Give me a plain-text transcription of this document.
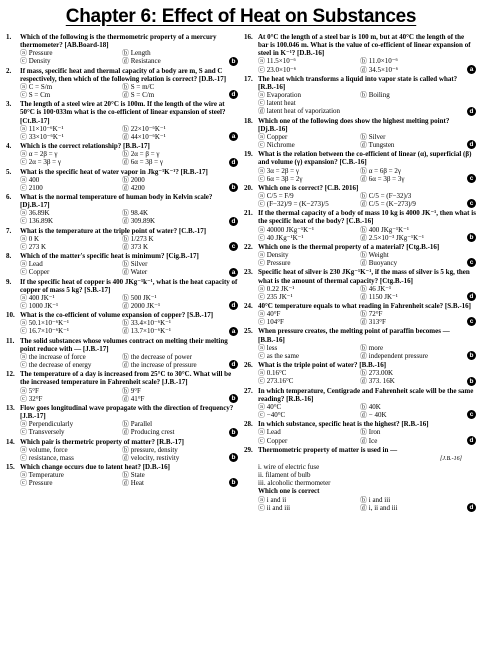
Chapter 6: Effect of Heat on Substances
1.	Which of the following is the thermometric property of a mercury thermometer? [AB.Board-18]
ⓐ Pressure	ⓑ Length
ⓒ Density	ⓓ Resistance	b
2.	If mass, specific heat and thermal capacity of a body are m, S and C respectively, then which of the following relation is correct? [D.B.-17]
ⓐ C = S/m	ⓑ S = m/C
ⓒ S = Cm	ⓓ S = C/m	d
3.	The length of a steel wire at 20°C is 100m. If the length of the wire at 50°C is 100·033m what is the co-efficient of linear expansion of steel? [Ct.B.-17]
ⓐ 11×10⁻⁶K⁻¹	ⓑ 22×10⁻⁶K⁻¹
ⓒ 33×10⁻⁶K⁻¹	ⓓ 44×10⁻⁶K⁻¹	a
4.	Which is the correct relationship? [B.B.-17]
ⓐ α = 2β = γ	ⓑ 2α = β = γ
ⓒ 2α = 3β = γ	ⓓ 6α = 3β = γ	d
5.	What is the specific heat of water vapor in Jkg⁻¹K⁻¹? [R.B.-17]
ⓐ 400	ⓑ 2000
ⓒ 2100	ⓓ 4200	b
6.	What is the normal temperature of human body in Kelvin scale? [Dj.B.-17]
ⓐ 36.89K	ⓑ 98.4K
ⓒ 136.89K	ⓓ 309.89K	d
7.	What is the temperature at the triple point of water? [C.B.-17]
ⓐ 0 K	ⓑ 1/273 K
ⓒ 273 K	ⓓ 373 K	c
8.	Which of the matter's specific heat is minimum? [Cig.B.-17]
ⓐ Lead	ⓑ Silver
ⓒ Copper	ⓓ Water	a
9.	If the specific heat of copper is 400 JKg⁻¹k⁻¹, what is the heat capacity of copper of mass 5 kg? [S.B.-17]
ⓐ 400 JK⁻¹	ⓑ 500 JK⁻¹
ⓒ 1000 JK⁻¹	ⓓ 2000 JK⁻¹	d
10. What is the co-efficient of volume expansion of copper? [S.B.-17]
ⓐ 50.1×10⁻⁶K⁻¹	ⓑ 33.4×10⁻⁶K⁻¹
ⓒ 16.7×10⁻⁶K⁻¹	ⓓ 13.7×10⁻⁶K⁻¹	a
11. The solid substances whose volumes contract on melting their melting point reduce with — [J.B.-17]
ⓐ the increase of force	ⓑ the decrease of power
ⓒ the decrease of energy	ⓓ the increase of pressure	d
12. The temperature of a day is increased from 25°C to 30°C. What will be the increased temperature in Fahrenheit scale? [J.B.-17]
ⓐ 5°F	ⓑ 9°F
ⓒ 32°F	ⓓ 41°F	b
13. Flow goes longitudinal wave propagate with the direction of frequency? [J.B.-17]
ⓐ Perpendicularly	ⓑ Parallel
ⓒ Transversely	ⓓ Producing crest	b
14. Which pair is thermetric property of matter? [R.B.-17]
ⓐ volume, force	ⓑ pressure, density
ⓒ resistance, mass	ⓓ velocity, restivity	b
15. Which change occurs due to latent heat? [D.B.-16]
ⓐ Temperature	ⓑ State
ⓒ Pressure	ⓓ Heat	b
16. At 0°C the length of a steel bar is 100 m, but at 40°C the length of the bar is 100.046 m. What is the value of co-efficient of linear expansion of steel in K⁻¹? [D.B.-16]
ⓐ 11.5×10⁻⁶	ⓑ 11.0×10⁻⁶
ⓒ 23.0×10⁻⁶	ⓓ 34.5×10⁻⁶	a
17. The heat which transforms a liquid into vapor state is called what? [R.B.-16]
ⓐ Evaporation	ⓑ Boiling
ⓒ latent heat
ⓓ latent heat of vaporization	d
18. Which one of the following does show the highest melting point? [Dj.B.-16]
ⓐ Copper	ⓑ Silver
ⓒ Nichrome	ⓓ Tungsten	d
19. What is the relation between the co-efficient of linear (α), superficial (β) and volume (γ) expansion? [C.B.-16]
ⓐ 3α = 2β = γ	ⓑ α = 6β = 2γ
ⓒ 6α = 3β = 2γ	ⓓ 6α = 3β = 3γ	c
20. Which one is correct? [C.B. 2016]
ⓐ C/5 = F/9	ⓑ C/5 = (F−32)/3
ⓒ (F−32)/9 = (K−273)/5	ⓓ C/5 = (K−273)/9	c
21. If the thermal capacity of a body of mass 10 kg is 4000 JK⁻¹, then what is the specific heat of the body? [C.B.-16]
ⓐ 40000 JKg⁻¹K⁻¹	ⓑ 400 JKg⁻¹K⁻¹
ⓒ 40 JKg⁻¹K⁻¹	ⓓ 2.5×10⁻³ JKg⁻¹K⁻¹	b
22. Which one is the thermal property of a material? [Ctg.B.-16]
ⓐ Density	ⓑ Weight
ⓒ Pressure	ⓓ Buoyancy	c
23. Specific heat of silver is 230 JKg⁻¹K⁻¹, if the mass of silver is 5 kg, then what is the amount of thermal capacity? [Ctg.B.-16]
ⓐ 0.22 JK⁻¹	ⓑ 46 JK⁻¹
ⓒ 235 JK⁻¹	ⓓ 1150 JK⁻¹	d
24. 40°C temperature equals to what reading in Fahrenheit scale? [S.B.-16]
ⓐ 40°F	ⓑ 72°F
ⓒ 104°F	ⓓ 313°F	c
25. When pressure creates, the melting point of paraffin becomes — [B.B.-16]
ⓐ less	ⓑ more
ⓒ as the same	ⓓ independent pressure	b
26. What is the triple point of water? [B.B.-16]
ⓐ 0.16°C	ⓑ 273.00K
ⓒ 273.16°C	ⓓ 373. 16K	b
27. In which temperature, Centigrade and Fahrenheit scale will be the same reading? [R.B.-16]
ⓐ 40°C	ⓑ 40K
ⓒ −40°C	ⓓ − 40K	c
28. In which substance, specific heat is the highest? [R.B.-16]
ⓐ Lead	ⓑ Iron
ⓒ Copper	ⓓ Ice	d
29. Thermometric property of matter is used in —
[J.B.-16]
i. wire of electric fuse
ii. filament of bulb
iii. alcoholic thermometer
Which one is correct
ⓐ i and ii	ⓑ i and iii
ⓒ ii and iii	ⓓ i, ii and iii	d
